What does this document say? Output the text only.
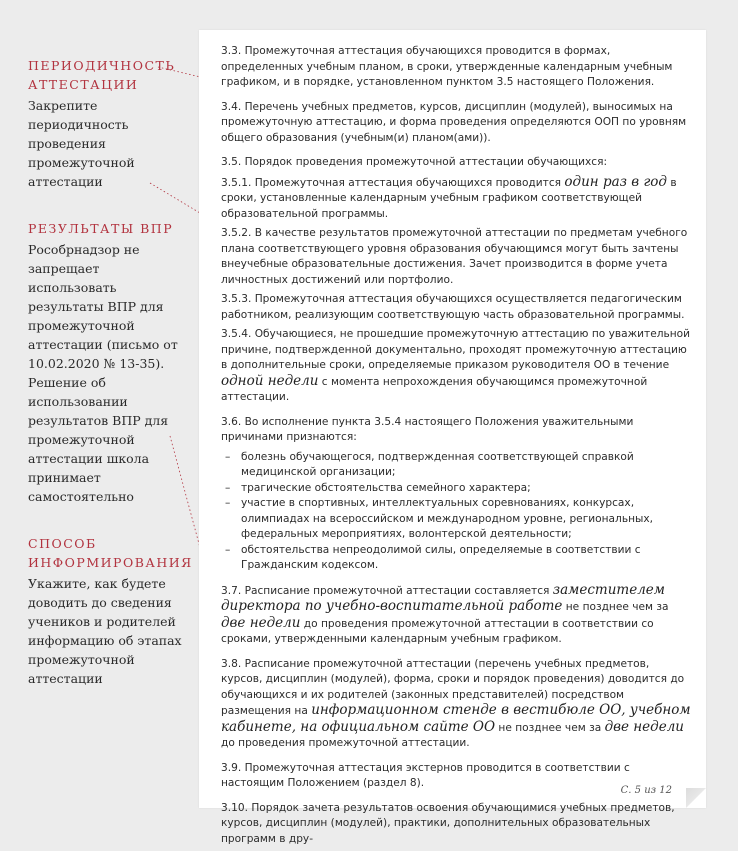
ПЕРИОДИЧНОСТЬ АТТЕСТАЦИИ
Закрепите периодичность проведения промежуточной аттестации
РЕЗУЛЬТАТЫ ВПР
Рособрнадзор не запрещает использовать результаты ВПР для промежуточной аттестации (письмо от 10.02.2020 № 13-35). Решение об использовании результатов ВПР для промежуточной аттестации школа принимает самостоятельно
СПОСОБ ИНФОРМИРОВАНИЯ
Укажите, как будете доводить до сведения учеников и родителей информацию об этапах промежуточной аттестации

3.3. Промежуточная аттестация обучающихся проводится в формах, определенных учебным планом, в сроки, утвержденные календарным учебным графиком, и в порядке, установленном пунктом 3.5 настоящего Положения.

3.4. Перечень учебных предметов, курсов, дисциплин (модулей), выносимых на промежуточную аттестацию, и форма проведения определяются ООП по уровням общего образования (учебным(и) планом(ами)).

3.5. Порядок проведения промежуточной аттестации обучающихся:

3.5.1. Промежуточная аттестация обучающихся проводится один раз в год в сроки, установленные календарным учебным графиком соответствующей образовательной программы.

3.5.2. В качестве результатов промежуточной аттестации по предметам учебного плана соответствующего уровня образования обучающимся могут быть зачтены внеучебные образовательные достижения. Зачет производится в форме учета личностных достижений или портфолио.

3.5.3. Промежуточная аттестация обучающихся осуществляется педагогическим работником, реализующим соответствующую часть образовательной программы.

3.5.4. Обучающиеся, не прошедшие промежуточную аттестацию по уважительной причине, подтвержденной документально, проходят промежуточную аттестацию в дополнительные сроки, определяемые приказом руководителя ОО в течение одной недели с момента непрохождения обучающимся промежуточной аттестации.

3.6. Во исполнение пункта 3.5.4 настоящего Положения уважительными причинами признаются:

– болезнь обучающегося, подтвержденная соответствующей справкой медицинской организации;
– трагические обстоятельства семейного характера;
– участие в спортивных, интеллектуальных соревнованиях, конкурсах, олимпиадах на всероссийском и международном уровне, региональных, федеральных мероприятиях, волонтерской деятельности;
– обстоятельства непреодолимой силы, определяемые в соответствии с Гражданским кодексом.

3.7. Расписание промежуточной аттестации составляется заместителем директора по учебно-воспитательной работе не позднее чем за две недели до проведения промежуточной аттестации в соответствии со сроками, утвержденными календарным учебным графиком.

3.8. Расписание промежуточной аттестации (перечень учебных предметов, курсов, дисциплин (модулей), форма, сроки и порядок проведения) доводится до обучающихся и их родителей (законных представителей) посредством размещения на информационном стенде в вестибюле ОО, учебном кабинете, на официальном сайте ОО не позднее чем за две недели до проведения промежуточной аттестации.

3.9. Промежуточная аттестация экстернов проводится в соответствии с настоящим Положением (раздел 8).

3.10. Порядок зачета результатов освоения обучающимися учебных предметов, курсов, дисциплин (модулей), практики, дополнительных образовательных программ в дру-

С. 5 из 12
